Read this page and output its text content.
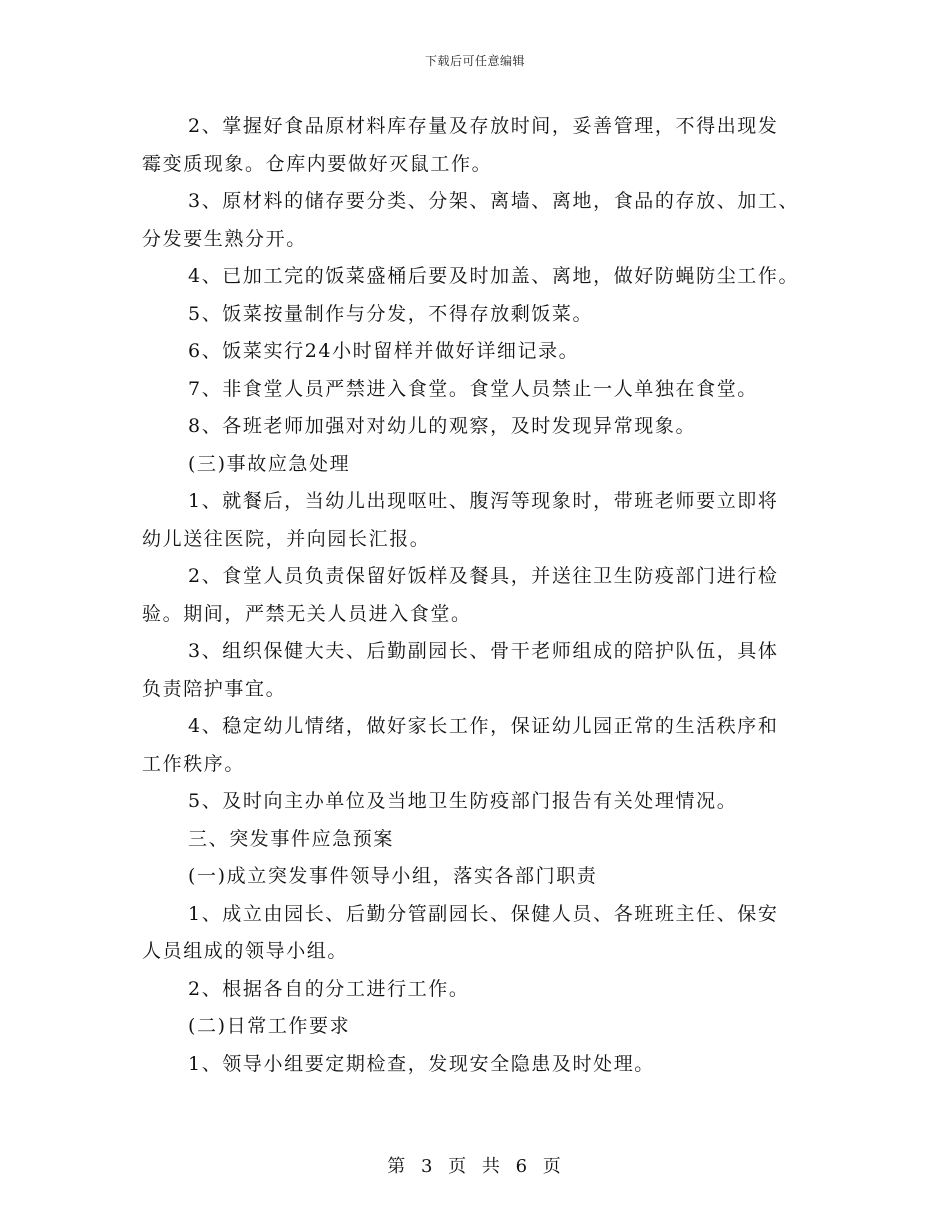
下载后可任意编辑
2、掌握好食品原材料库存量及存放时间，妥善管理，不得出现发
霉变质现象。仓库内要做好灭鼠工作。
3、原材料的储存要分类、分架、离墙、离地，食品的存放、加工、
分发要生熟分开。
4、已加工完的饭菜盛桶后要及时加盖、离地，做好防蝇防尘工作。
5、饭菜按量制作与分发，不得存放剩饭菜。
6、饭菜实行24小时留样并做好详细记录。
7、非食堂人员严禁进入食堂。食堂人员禁止一人单独在食堂。
8、各班老师加强对对幼儿的观察，及时发现异常现象。
(三)事故应急处理
1、就餐后，当幼儿出现呕吐、腹泻等现象时，带班老师要立即将
幼儿送往医院，并向园长汇报。
2、食堂人员负责保留好饭样及餐具，并送往卫生防疫部门进行检
验。期间，严禁无关人员进入食堂。
3、组织保健大夫、后勤副园长、骨干老师组成的陪护队伍，具体
负责陪护事宜。
4、稳定幼儿情绪，做好家长工作，保证幼儿园正常的生活秩序和
工作秩序。
5、及时向主办单位及当地卫生防疫部门报告有关处理情况。
三、突发事件应急预案
(一)成立突发事件领导小组，落实各部门职责
1、成立由园长、后勤分管副园长、保健人员、各班班主任、保安
人员组成的领导小组。
2、根据各自的分工进行工作。
(二)日常工作要求
1、领导小组要定期检查，发现安全隐患及时处理。
第 3 页 共 6 页
